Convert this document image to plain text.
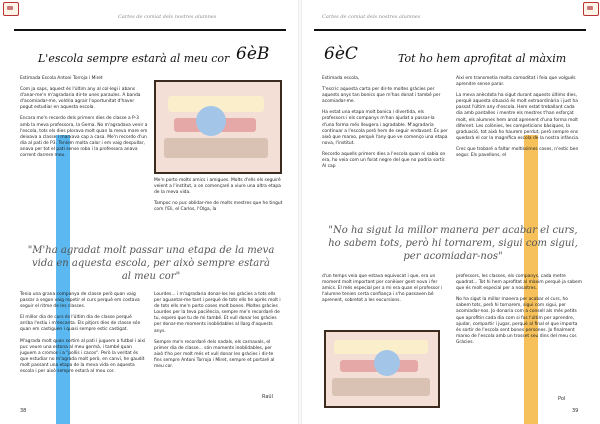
Cartes de comiat dels nostres alumnes
L'escola sempre estarà al meu cor 6èB

Estimada Escola Antoni Torroja i Miret

Com ja saps, aquest és l'últim any al col·legi i abans d'anar-me'n m'agradaria dir-te unes paraules. A banda d'acomiadar-me, voldria agrair l'oportunitat d'haver pogut estudiar en aquesta escola.

Encara me'n recordo dels primers dies de classe a P-3 amb la meva professora, la Gema. No m'agradava venir a l'escola, tots els dies plorava molt quan la meva mare em deixava a classe i marxava cap a casa. Me'n recordo d'un dia al pati de P3. Teníem molta calor i em vaig despullar, anava per tot el pati sense roba i la professora anava corrent darrere meu.

Me'n porto molts amics i amigues. Molts d'ells els seguiré veient a l'institut, a on començaré a viure una altra etapa de la meva vida.

Tampoc no puc oblidar-me de molts mestres que he tingut com l'Eli, el Carlos, l'Olga, la

"M'ha agradat molt passar una etapa de la meva vida en aquesta escola, per això sempre estarà al meu cor"

Tenia una grana companya de classe però quan vaig passar a segon vaig repetir el curs perquè em costava seguir el ritme de les classes.

El millor dia de curs és l'últim dia de classe perquè arriba l'estiu i m'encanta. Els pitjors dies de classe són quan em castiguen i quasi sempre estic castigat.

M'agrada molt quan sortim al pati i juguem a futbol i així puc veure una estona al meu germà, i també quan juguem a cromos i a "pollis i cacos". Però la veritat és que estudiar no m'agrada molt però, en canvi, he gaudit molt passant una etapa de la meva vida en aquesta escola i per això sempre estarà al meu cor.

Lourdes... i m'agradaria donar-los les gràcies a tots ells per aguantar-me tant i perquè de tots ells he après molt i de tots ells me'n porto coses molt bones. Moltes gràcies Lourdes per la teva paciència, sempre me'n recordaré de tu, espero que tu de mi també. Et vull donar les gràcies per donar-me moments inoblidables al llarg d'aquests anys.

Sempre me'n recordaré dels nadals, els carnavals, el primer dia de classe... són moments inoblidables, per això t'ho per molt més et vull donar les gràcies i dir-te fins sempre Antoni Torroja i Miret, sempre et portaré al meu cor.

Raül
38
Cartes de comiat dels nostres alumnes
6èC	Tot ho hem aprofitat al màxim

Estimada escola,

T'escric aquesta carta per dir-te moltes gràcies per aquests anys tan bonics que m'has donat i també per acomiadar-me.

Ha estat una etapa molt bonica i divertida, els professors i els companys m'han ajudat a passar-la d'una forma més lleugera i agradable. M'agradaria continuar a l'escola però hem de seguir endavant. És per això que marxo, perquè l'any que ve començo una etapa nova, l'institut.

Recordo aquells primers dies a l'escola quan ni sabia on era, ho veia com un forat negre del que no podria sortir. Al cap

Així em transmetia molta comoditat i feia que volgués aprendre sense parar.

La meva anècdota ha sigut durant aquests últims dies, perquè aquesta situació és molt extraordinària i just ha passat l'últim any d'escola. Hem estat treballant cada dia amb pantalles i mentre els mestres t'han esforçat molt, els alumnes hem anat aprenent d'una forma molt diferent. Les colònies, les competicions bàsiques, la graduació, tot això ho haurem perdut, però sempre ens quedarà el cor la magnífica escola de la nostra infància.

Crec que trobaré a faltar moltíssimes coses, n'estic ben segur. Els pavellons, el

"No ha sigut la millor manera per acabar el curs, ho sabem tots, però hi tornarem, sigui com sigui, per acomiadar-nos"

d'un temps veia que estava equivocat i que, era un moment molt important per conèixer gent nova i fer amics. El més especial per a mi era quan el professor i l'alumne tenien certa confiança i s'ho passaven bé aprenent, sobretot a les excursions.

professors, les classes, els companys, cada metre quadrat... Tot hi hem aprofitat al màxim perquè ja sabem que és molt especial per a nosaltres.

No ha sigut la millor manera per acabar el curs, ho sabem tots, però hi tornarem, sigui com sigui, per acomiadar-nos. Jo donaria com a consell als més petits que aprofitin cada dia com si fos l'últim per aprendre, ajudar, compartir i jugar, perquè al final el que importa és sortir de l'escola sent bones persones. Jo finalment marxo de l'escola amb un trosset seu dins del meu cor. Gràcies.

Pol
39
